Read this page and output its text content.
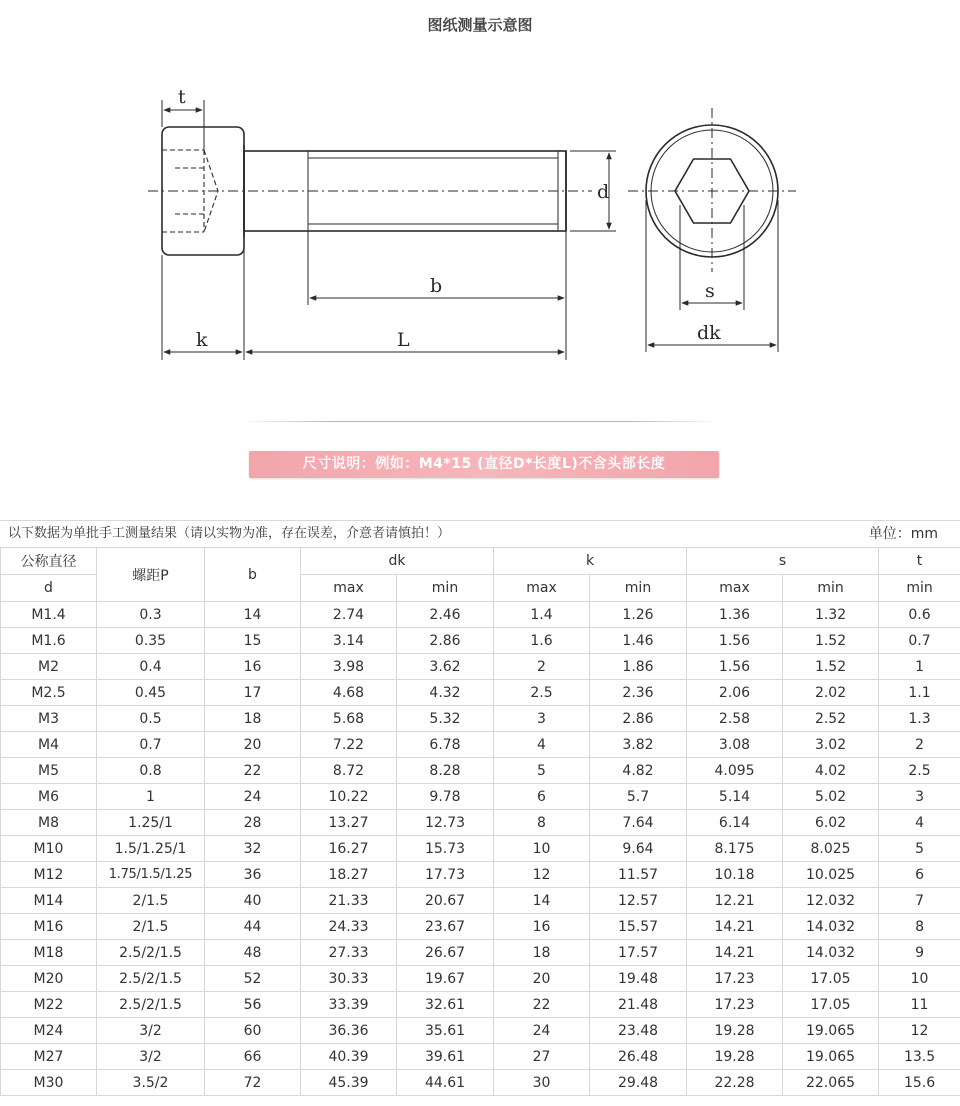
图纸测量示意图
t
d
b
k	L
s
dk
尺寸说明：例如：M4*15 (直径D*长度L)不含头部长度
以下数据为单批手工测量结果（请以实物为准，存在误差，介意者请慎拍！）	单位：mm
公称直径	螺距P	b	dk		k		s		t
d			max	min	max	min	max	min	min
M1.4	0.3	14	2.74	2.46	1.4	1.26	1.36	1.32	0.6
M1.6	0.35	15	3.14	2.86	1.6	1.46	1.56	1.52	0.7
M2	0.4	16	3.98	3.62	2	1.86	1.56	1.52	1
M2.5	0.45	17	4.68	4.32	2.5	2.36	2.06	2.02	1.1
M3	0.5	18	5.68	5.32	3	2.86	2.58	2.52	1.3
M4	0.7	20	7.22	6.78	4	3.82	3.08	3.02	2
M5	0.8	22	8.72	8.28	5	4.82	4.095	4.02	2.5
M6	1	24	10.22	9.78	6	5.7	5.14	5.02	3
M8	1.25/1	28	13.27	12.73	8	7.64	6.14	6.02	4
M10	1.5/1.25/1	32	16.27	15.73	10	9.64	8.175	8.025	5
M12	1.75/1.5/1.25	36	18.27	17.73	12	11.57	10.18	10.025	6
M14	2/1.5	40	21.33	20.67	14	12.57	12.21	12.032	7
M16	2/1.5	44	24.33	23.67	16	15.57	14.21	14.032	8
M18	2.5/2/1.5	48	27.33	26.67	18	17.57	14.21	14.032	9
M20	2.5/2/1.5	52	30.33	19.67	20	19.48	17.23	17.05	10
M22	2.5/2/1.5	56	33.39	32.61	22	21.48	17.23	17.05	11
M24	3/2	60	36.36	35.61	24	23.48	19.28	19.065	12
M27	3/2	66	40.39	39.61	27	26.48	19.28	19.065	13.5
M30	3.5/2	72	45.39	44.61	30	29.48	22.28	22.065	15.6
